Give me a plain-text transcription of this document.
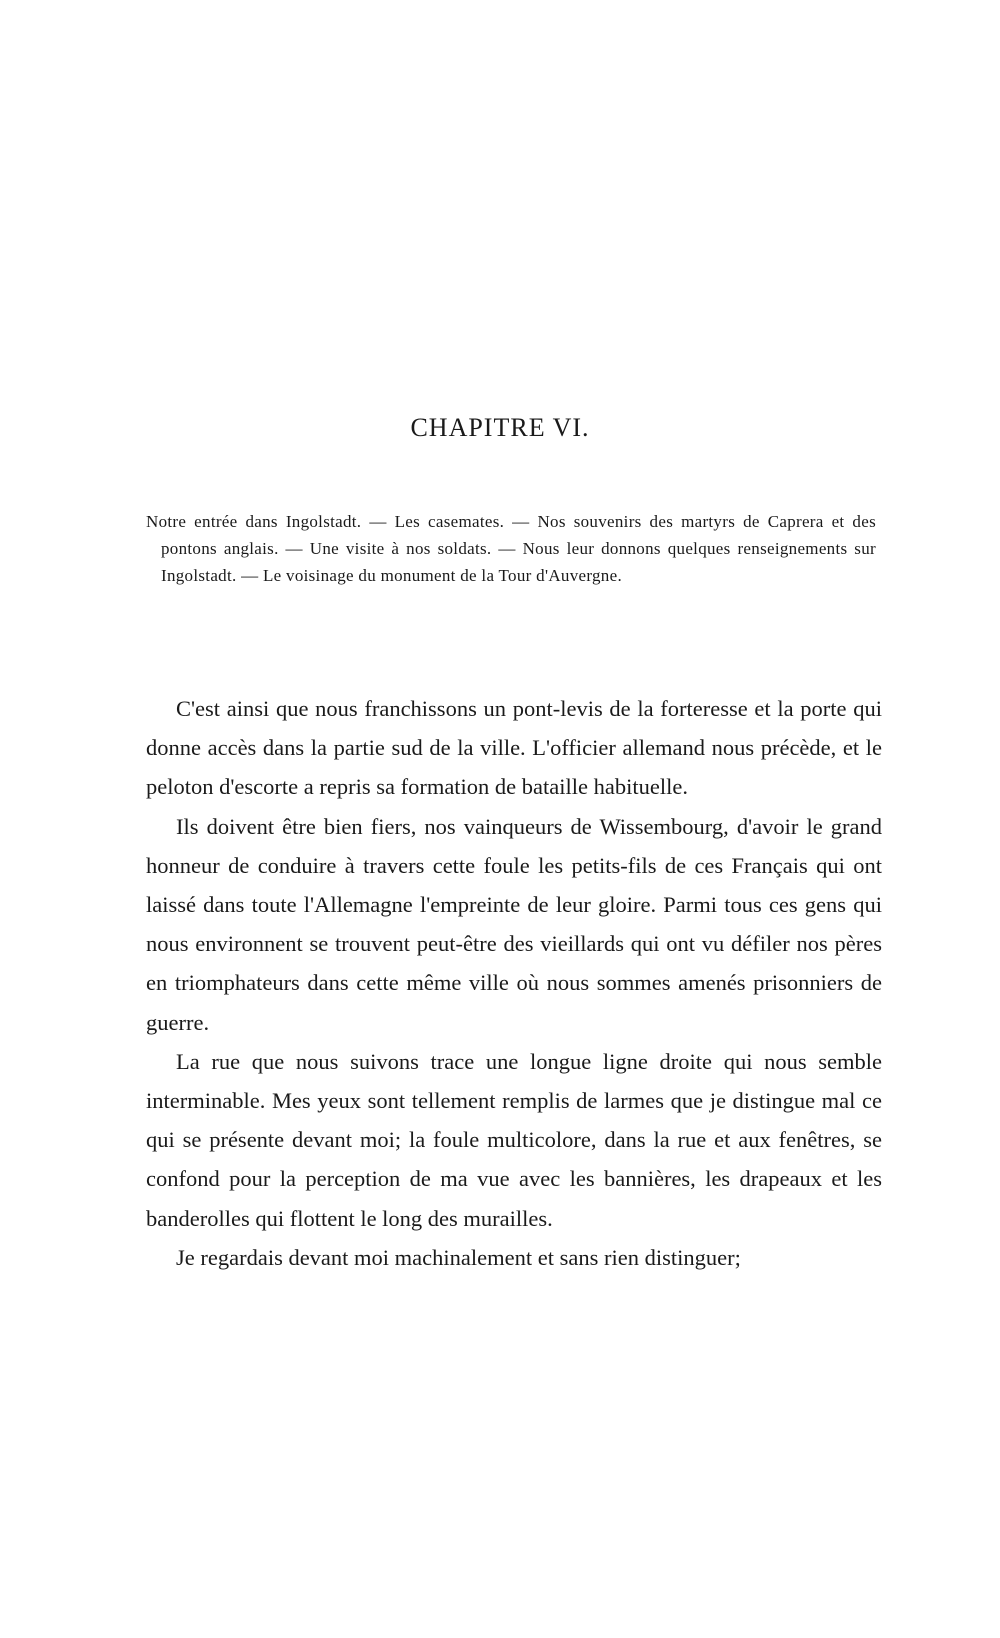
CHAPITRE VI.
Notre entrée dans Ingolstadt. — Les casemates. — Nos souvenirs des martyrs de Caprera et des pontons anglais. — Une visite à nos soldats. — Nous leur donnons quelques renseignements sur Ingolstadt. — Le voisinage du monument de la Tour d'Auvergne.

C'est ainsi que nous franchissons un pont-levis de la forteresse et la porte qui donne accès dans la partie sud de la ville. L'officier allemand nous précède, et le peloton d'escorte a repris sa formation de bataille habituelle.

Ils doivent être bien fiers, nos vainqueurs de Wissembourg, d'avoir le grand honneur de conduire à travers cette foule les petits-fils de ces Français qui ont laissé dans toute l'Allemagne l'empreinte de leur gloire. Parmi tous ces gens qui nous environnent se trouvent peut-être des vieillards qui ont vu défiler nos pères en triomphateurs dans cette même ville où nous sommes amenés prisonniers de guerre.

La rue que nous suivons trace une longue ligne droite qui nous semble interminable. Mes yeux sont tellement remplis de larmes que je distingue mal ce qui se présente devant moi; la foule multicolore, dans la rue et aux fenêtres, se confond pour la perception de ma vue avec les bannières, les drapeaux et les banderolles qui flottent le long des murailles.

Je regardais devant moi machinalement et sans rien distinguer;
